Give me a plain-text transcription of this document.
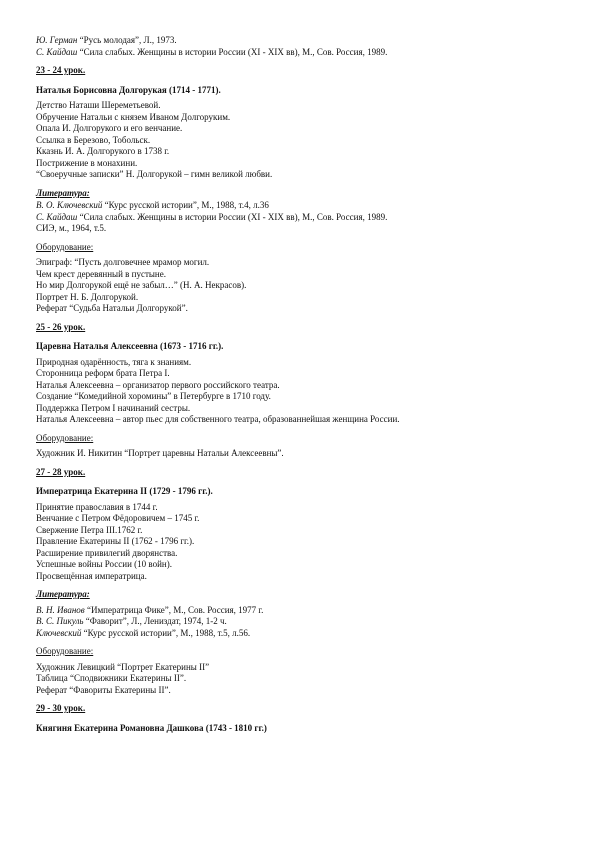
Ю. Герман “Русь молодая”, Л., 1973.
С. Кайдаш “Сила слабых. Женщины в истории России (XI - XIX вв), М., Сов. Россия, 1989.
23 - 24 урок.
Наталья Борисовна Долгорукая (1714 - 1771).
Детство Наташи Шереметьевой.
Обручение Натальи с князем Иваном Долгоруким.
Опала И. Долгорукого и его венчание.
Ссылка в Березово, Тобольск.
Кказнь И. А. Долгорукого в 1738 г.
Пострижение в монахини.
“Своеручные записки” Н. Долгорукой – гимн великой любви.
Литература:
В. О. Ключевский “Курс русской истории”, М., 1988, т.4, л.36
С. Кайдаш “Сила слабых. Женщины в истории России (XI - XIX вв), М., Сов. Россия, 1989.
СИЭ, м., 1964, т.5.
Оборудование:
Эпиграф: “Пусть долговечнее мрамор могил.
Чем крест деревянный в пустыне.
Но мир Долгорукой ещё не забыл…” (Н. А. Некрасов).
Портрет Н. Б. Долгорукой.
Реферат “Судьба Натальи Долгорукой”.
25 - 26 урок.
Царевна Наталья Алексеевна (1673 - 1716 гг.).
Природная одарённость, тяга к знаниям.
Сторонница реформ брата Петра I.
Наталья Алексеевна – организатор первого российского театра.
Создание “Комедийной хоромины” в Петербурге в 1710 году.
Поддержка Петром I начинаний сестры.
Наталья Алексеевна – автор пьес для собственного театра, образованнейшая женщина России.
Оборудование:
Художник И. Никитин “Портрет царевны Натальи Алексеевны”.
27 - 28 урок.
Императрица Екатерина II (1729 - 1796 гг.).
Принятие православия в 1744 г.
Венчание с Петром Фёдоровичем – 1745 г.
Свержение Петра III.1762 г.
Правление Екатерины II (1762 - 1796 гг.).
Расширение привилегий дворянства.
Успешные войны России (10 войн).
Просвещённая императрица.
Литература:
В. Н. Иванов “Императрица Фике”, М., Сов. Россия, 1977 г.
В. С. Пикуль “Фаворит”, Л., Лениздат, 1974, 1-2 ч.
Ключевский “Курс русской истории”, М., 1988, т.5, л.56.
Оборудование:
Художник Левицкий “Портрет Екатерины II”
Таблица “Сподвижники Екатерины II”.
Реферат “Фавориты Екатерины II”.
29 - 30 урок.
Княгиня Екатерина Романовна Дашкова (1743 - 1810 гг.)
